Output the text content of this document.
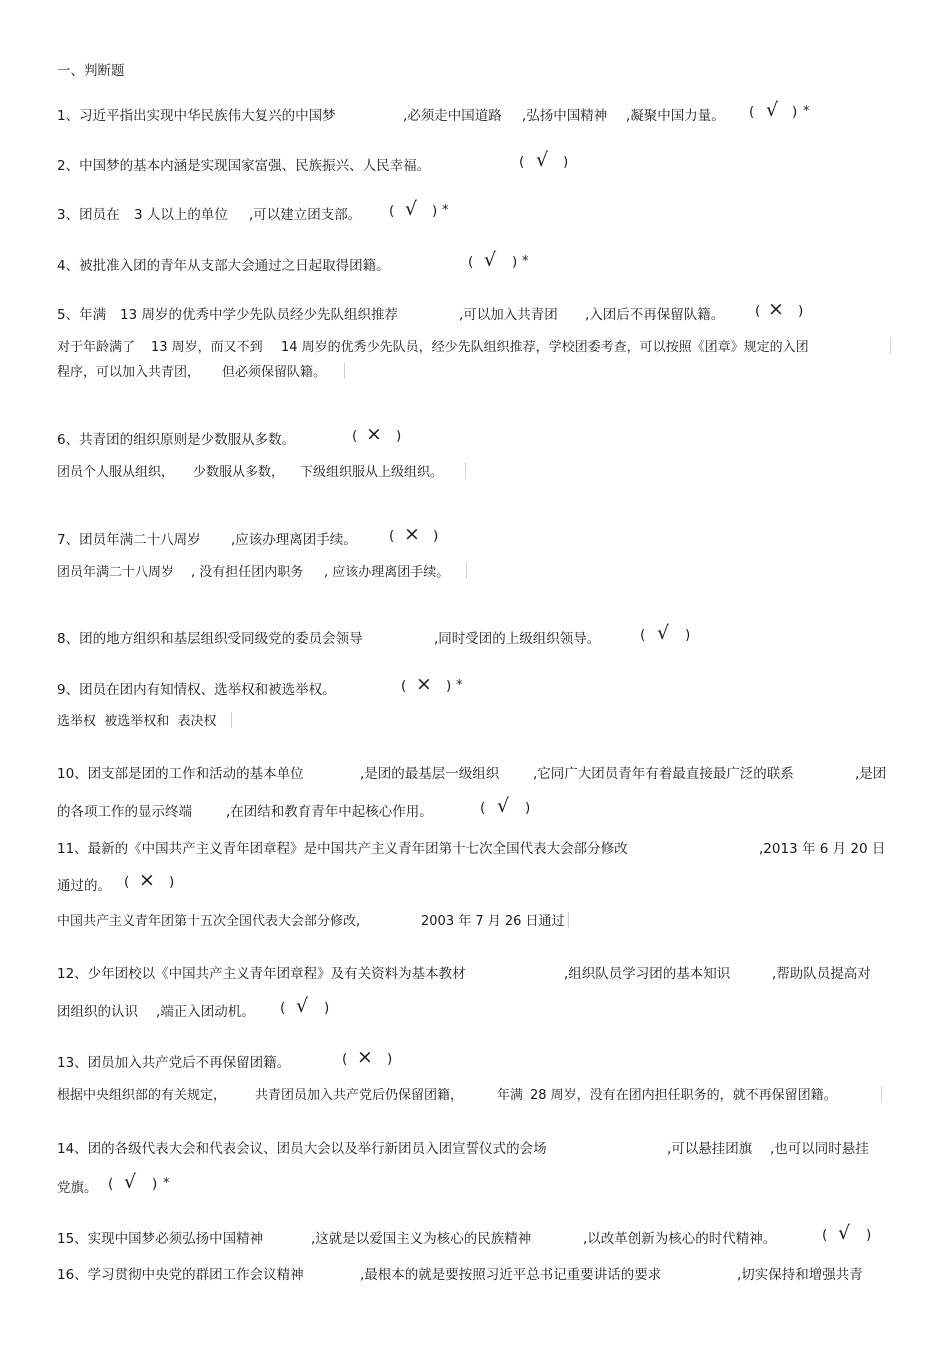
一、判断题
1、习近平指出实现中华民族伟大复兴的中国梦	,必须走中国道路 ,弘扬中国精神 ,凝聚中国力量。 ( √ ) *
2、中国梦的基本内涵是实现国家富强、民族振兴、人民幸福。	( √ )
3、团员在 3 人以上的单位 ,可以建立团支部。 ( √ ) *
4、被批准入团的青年从支部大会通过之日起取得团籍。	( √ ) *
5、年满 13 周岁的优秀中学少先队员经少先队组织推荐	,可以加入共青团 ,入团后不再保留队籍。 ( × )
对于年龄满了 13 周岁，而又不到 14 周岁的优秀少先队员，经少先队组织推荐，学校团委考查，可以按照《团章》规定的入团
程序，可以加入共青团， 但必须保留队籍。
6、共青团的组织原则是少数服从多数。	( × )
团员个人服从组织， 少数服从多数， 下级组织服从上级组织。
7、团员年满二十八周岁 ,应该办理离团手续。 ( × )
团员年满二十八周岁 , 没有担任团内职务 , 应该办理离团手续。
8、团的地方组织和基层组织受同级党的委员会领导	,同时受团的上级组织领导。	( √ )
9、团员在团内有知情权、选举权和被选举权。	( × ) *
选举权  被选举权和  表决权
10、团支部是团的工作和活动的基本单位	,是团的最基层一级组织 ,它同广大团员青年有着最直接最广泛的联系	,是团
的各项工作的显示终端	,在团结和教育青年中起核心作用。	( √ )
11、最新的《中国共产主义青年团章程》是中国共产主义青年团第十七次全国代表大会部分修改	,2013 年 6 月 20 日
通过的。 ( × )
中国共产主义青年团第十五次全国代表大会部分修改,	2003 年 7 月 26 日通过
12、少年团校以《中国共产主义青年团章程》及有关资料为基本教材	,组织队员学习团的基本知识	,帮助队员提高对
团组织的认识 ,端正入团动机。 ( √ )
13、团员加入共产党后不再保留团籍。	( × )
根据中央组织部的有关规定， 共青团员加入共产党后仍保留团籍，	年满 28 周岁，没有在团内担任职务的，就不再保留团籍。
14、团的各级代表大会和代表会议、团员大会以及举行新团员入团宣誓仪式的会场	,可以悬挂团旗 ,也可以同时悬挂
党旗。 ( √ ) *
15、实现中国梦必须弘扬中国精神	,这就是以爱国主义为核心的民族精神	,以改革创新为核心的时代精神。	( √ )
16、学习贯彻中央党的群团工作会议精神	,最根本的就是要按照习近平总书记重要讲话的要求	,切实保持和增强共青
